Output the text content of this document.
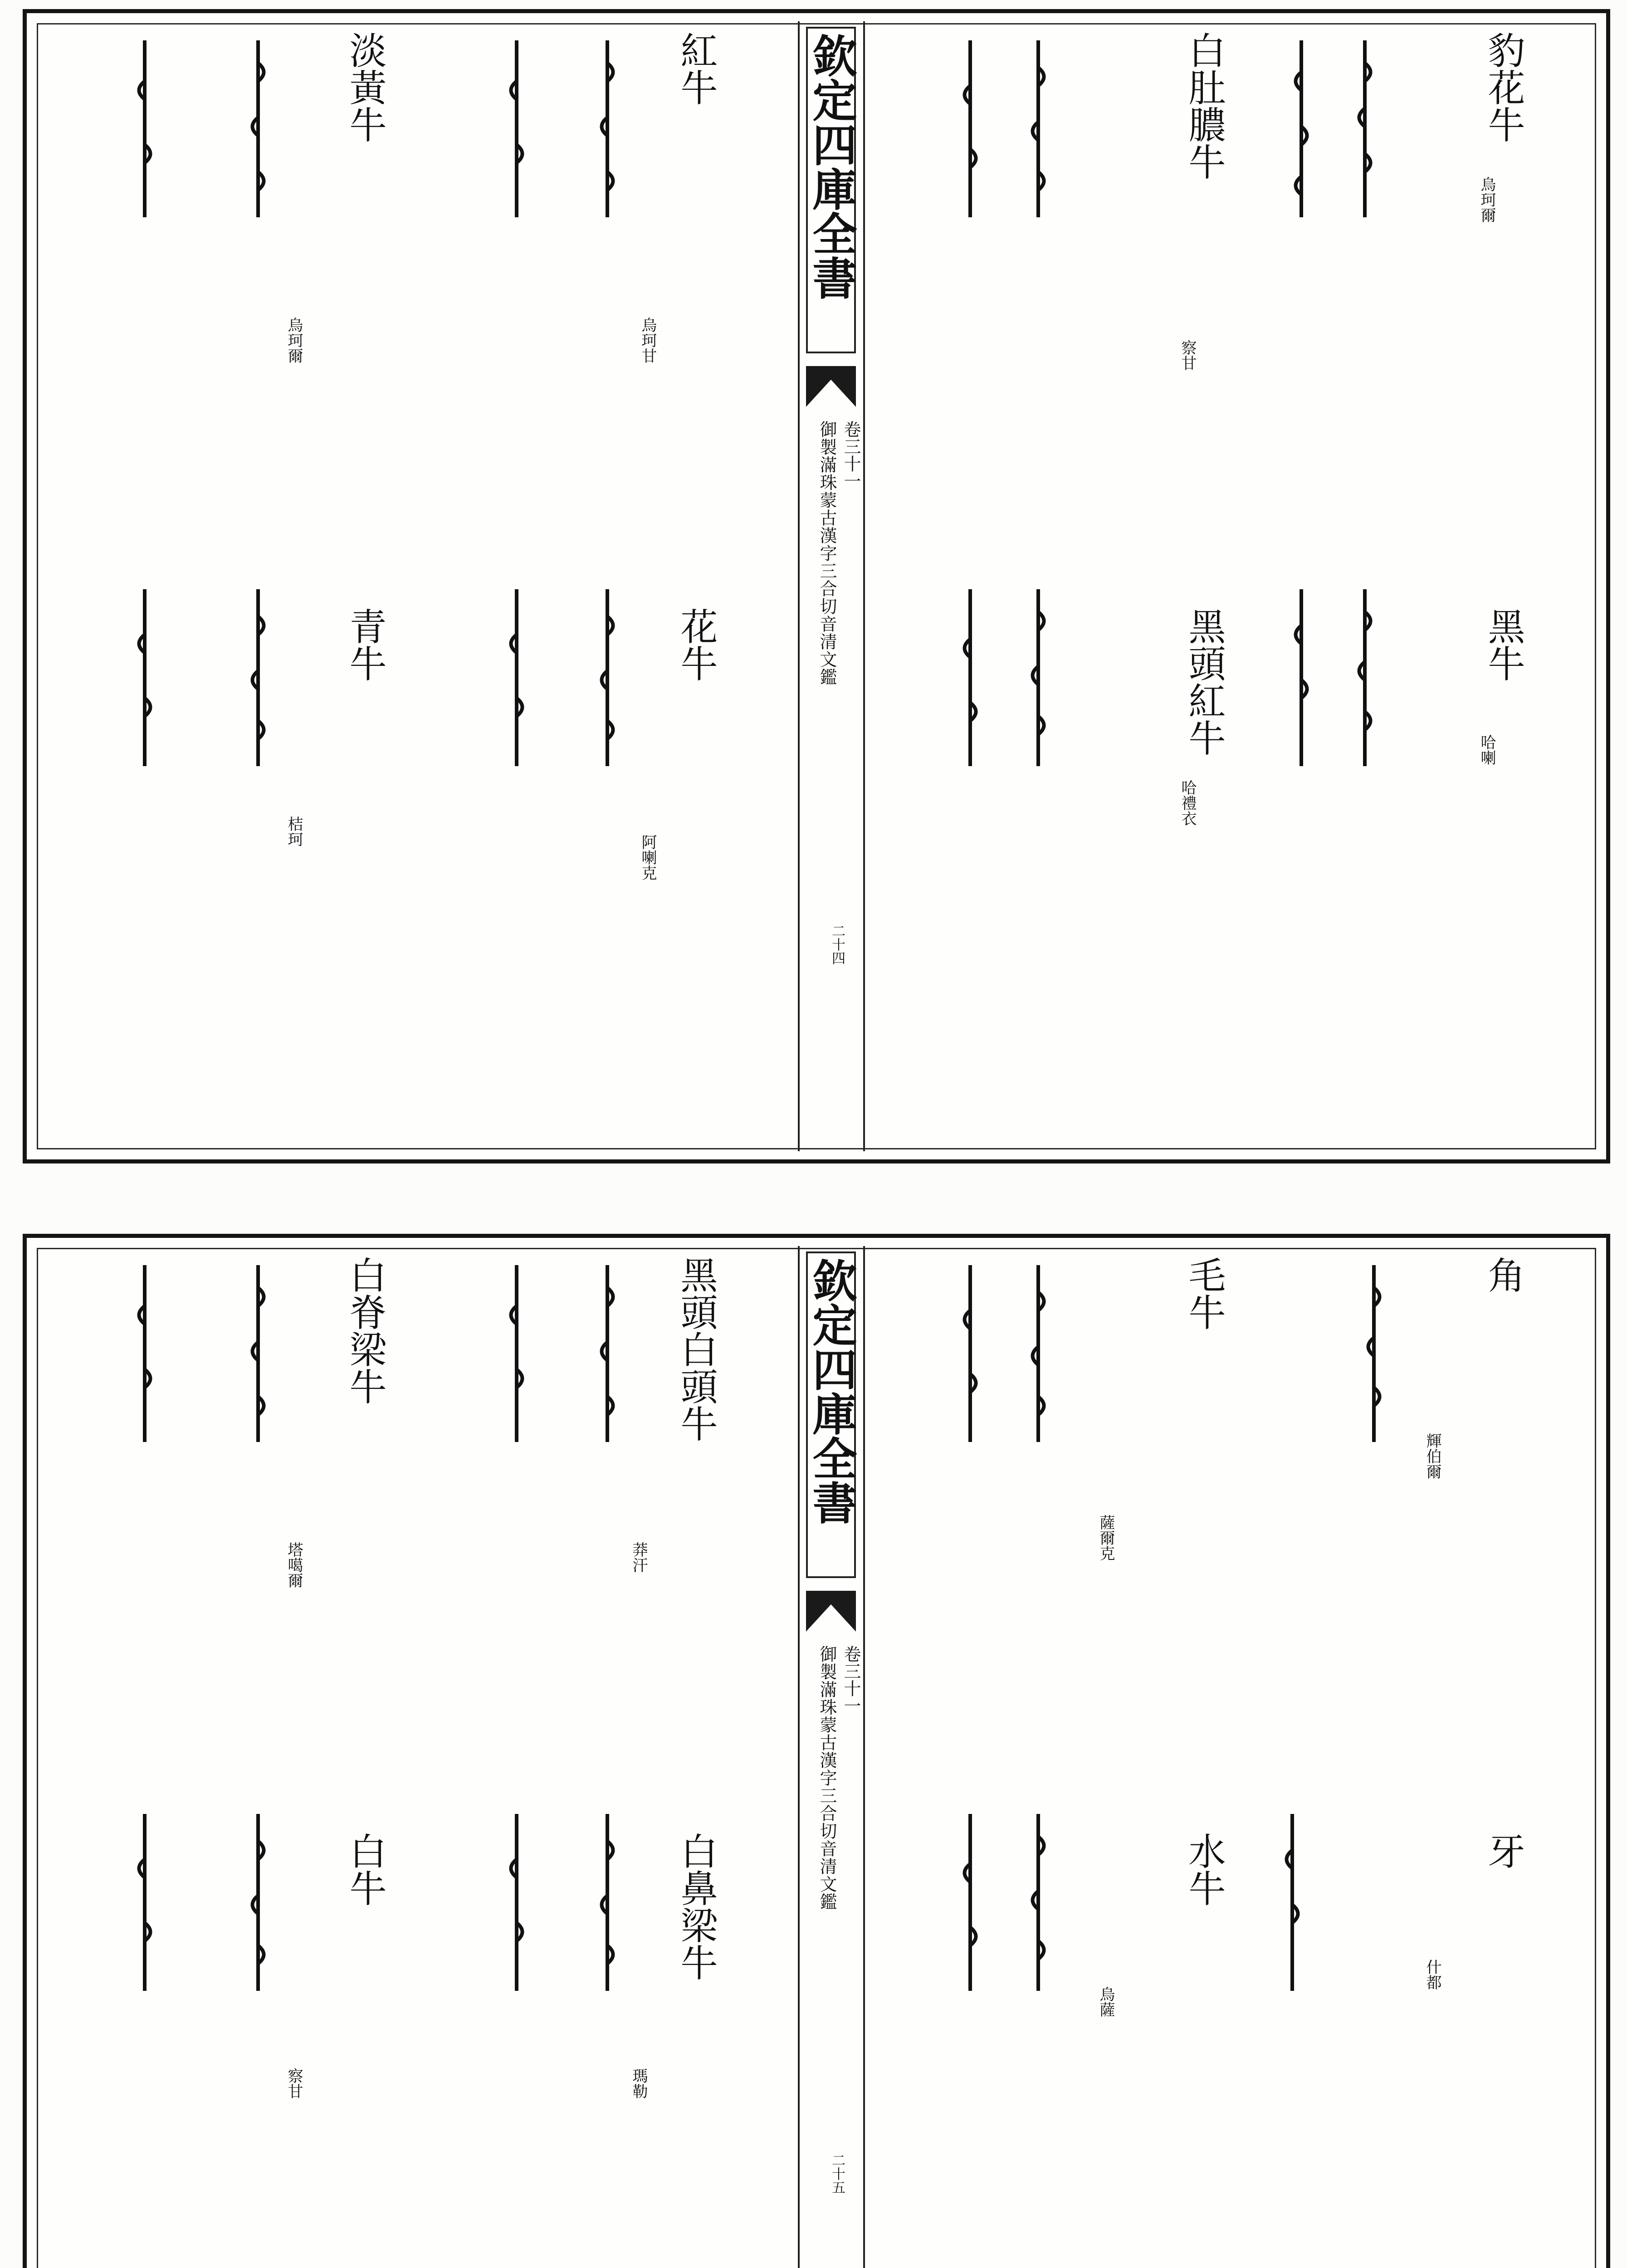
豹花牛
烏珂爾
黑牛
哈喇
白肚膿牛
察甘
黑頭紅牛
哈禮衣
欽定四庫全書
御製滿珠蒙古漢字三合切音清文鑑 卷三十一
二十四
紅牛
烏珂甘
花牛
阿喇克
淡黃牛
烏珂爾
青牛
桔珂
角
輝伯爾
牙
什都
毛牛
薩爾克
水牛
烏薩
欽定四庫全書
御製滿珠蒙古漢字三合切音清文鑑 卷三十一
二十五
黑頭白頭牛
莽汗
白鼻梁牛
瑪勒
白脊梁牛
塔噶爾
白牛
察甘
